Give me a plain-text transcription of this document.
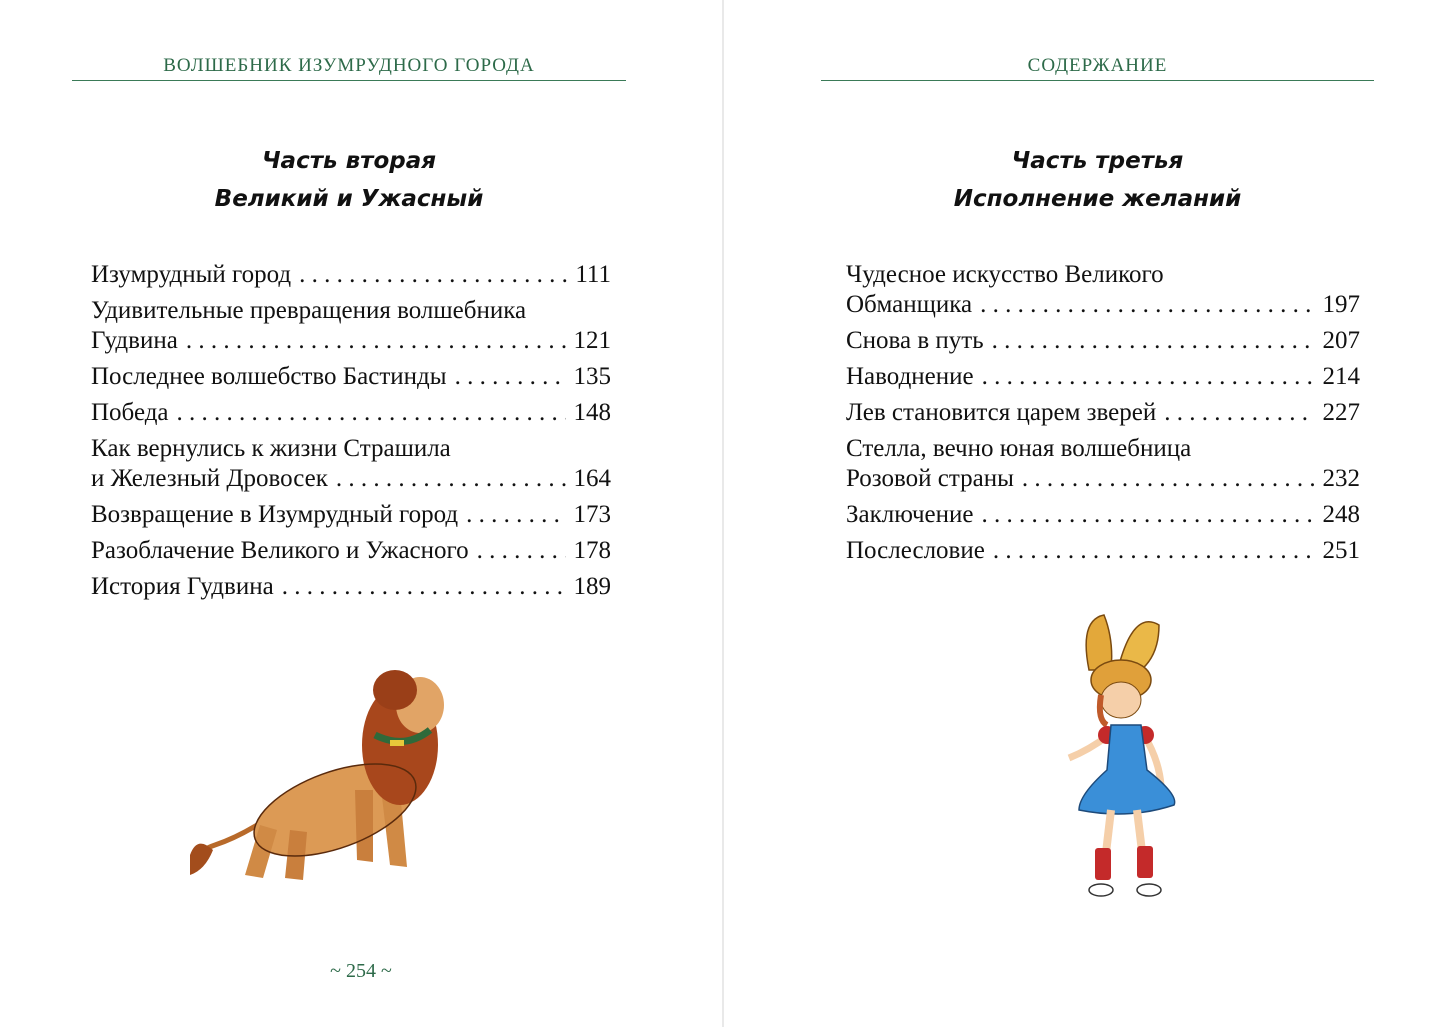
ВОЛШЕБНИК ИЗУМРУДНОГО ГОРОДА
Часть вторая
Великий и Ужасный
Изумрудный город . . .	111
Удивительные превращения волшебника
Гудвина . . .	121
Последнее волшебство Бастинды . . .	135
Победа . . .	148
Как вернулись к жизни Страшила
и Железный Дровосек . . .	164
Возвращение в Изумрудный город . . .	173
Разоблачение Великого и Ужасного . . .	178
История Гудвина . . .	189
~ 254 ~
СОДЕРЖАНИЕ
Часть третья
Исполнение желаний
Чудесное искусство Великого
Обманщика . . .	197
Снова в путь . . .	207
Наводнение . . .	214
Лев становится царем зверей . . .	227
Стелла, вечно юная волшебница
Розовой страны . . .	232
Заключение . . .	248
Послесловие . . .	251
